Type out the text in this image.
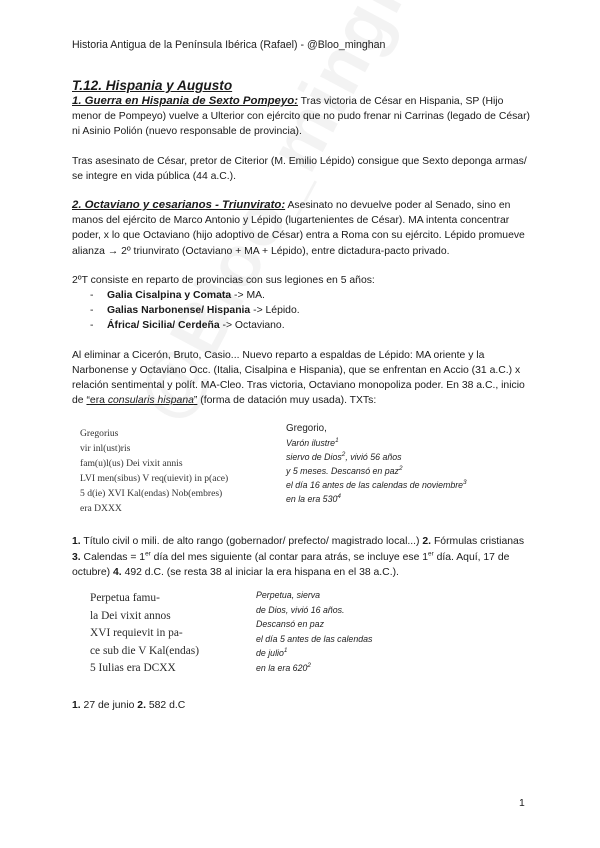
Historia Antigua de la Península Ibérica (Rafael) - @Bloo_minghan

T.12. Hispania y Augusto

1. Guerra en Hispania de Sexto Pompeyo: Tras victoria de César en Hispania, SP (Hijo menor de Pompeyo) vuelve a Ulterior con ejército que no pudo frenar ni Carrinas (legado de César) ni Asinio Polión (nuevo responsable de provincia).

Tras asesinato de César, pretor de Citerior (M. Emilio Lépido) consigue que Sexto deponga armas/ se integre en vida pública (44 a.C.).

2. Octaviano y cesarianos - Triunvirato: Asesinato no devuelve poder al Senado, sino en manos del ejército de Marco Antonio y Lépido (lugartenientes de César). MA intenta concentrar poder, x lo que Octaviano (hijo adoptivo de César) entra a Roma con su ejército. Lépido promueve alianza → 2º triunvirato (Octaviano + MA + Lépido), entre dictadura-pacto privado.

2ºT consiste en reparto de provincias con sus legiones en 5 años:

- Galia Cisalpina y Comata -> MA.
- Galias Narbonense/ Hispania -> Lépido.
- África/ Sicilia/ Cerdeña -> Octaviano.

Al eliminar a Cicerón, Bruto, Casio... Nuevo reparto a espaldas de Lépido: MA oriente y la Narbonense y Octaviano Occ. (Italia, Cisalpina e Hispania), que se enfrentan en Accio (31 a.C.) x relación sentimental y polít. MA-Cleo. Tras victoria, Octaviano monopoliza poder. En 38 a.C., inicio de “era consularis hispana” (forma de datación muy usada). TXTs:

Gregorius
vir inl(ust)ris
fam(u)l(us) Dei vixit annis
LVI men(sibus) V req(uievit) in p(ace)
5 d(ie) XVI Kal(endas) Nob(embres)
era DXXX
Gregorio,
Varón ilustre$^1$
siervo de Dios$^2$, vivió 56 años
y 5 meses. Descansó en paz$^2$
el día 16 antes de las calendas de noviembre$^3$
en la era $530^4$

1. Título civil o mili. de alto rango (gobernador/ prefecto/ magistrado local...) 2. Fórmulas cristianas 3. Calendas = 1er día del mes siguiente (al contar para atrás, se incluye ese 1er día. Aquí, 17 de octubre) 4. 492 d.C. (se resta 38 al iniciar la era hispana en el 38 a.C.).

Perpetua famu-
la Dei vixit annos
XVI requievit in pa-
ce sub die V Kal(endas)
5 Iulias era DCXX
Perpetua, sierva
de Dios, vivió 16 años.
Descansó en paz
el día 5 antes de las calendas
de julio$^1$
en la era $620^2$

1. 27 de junio 2. 582 d.C

1
